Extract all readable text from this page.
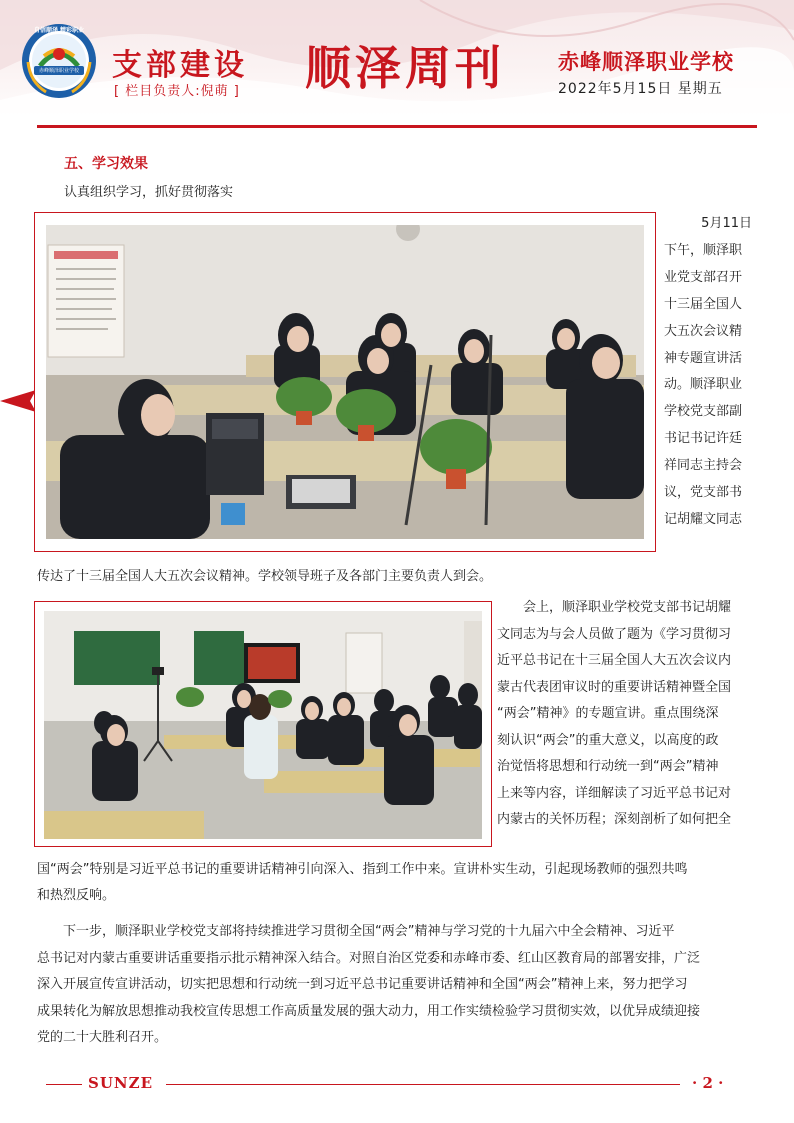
自信顺泽 精彩职业
赤峰顺泽职业学校 支部建设
[ 栏目负责人:倪萌 ] 顺泽周刊	赤峰顺泽职业学校
2022年5月15日 星期五
五、学习效果
认真组织学习，抓好贯彻落实

5月11日

下午，顺泽职

业党支部召开

十三届全国人

大五次会议精

神专题宣讲活

动。顺泽职业

学校党支部副

书记书记许廷

祥同志主持会

议，党支部书

记胡耀文同志

传达了十三届全国人大五次会议精神。学校领导班子及各部门主要负责人到会。

会上，顺泽职业学校党支部书记胡耀

文同志为与会人员做了题为《学习贯彻习

近平总书记在十三届全国人大五次会议内

蒙古代表团审议时的重要讲话精神暨全国

“两会”精神》的专题宣讲。重点围绕深

刻认识“两会”的重大意义，以高度的政

治觉悟将思想和行动统一到“两会”精神

上来等内容，详细解读了习近平总书记对

内蒙古的关怀历程；深刻剖析了如何把全

国“两会”特别是习近平总书记的重要讲话精神引向深入、指到工作中来。宣讲朴实生动，引起现场教师的强烈共鸣

和热烈反响。

下一步，顺泽职业学校党支部将持续推进学习贯彻全国“两会”精神与学习党的十九届六中全会精神、习近平

总书记对内蒙古重要讲话重要指示批示精神深入结合。对照自治区党委和赤峰市委、红山区教育局的部署安排，广泛

深入开展宣传宣讲活动，切实把思想和行动统一到习近平总书记重要讲话精神和全国“两会”精神上来，努力把学习

成果转化为解放思想推动我校宣传思想工作高质量发展的强大动力，用工作实绩检验学习贯彻实效，以优异成绩迎接

党的二十大胜利召开。

SUNZE	· 2 ·
